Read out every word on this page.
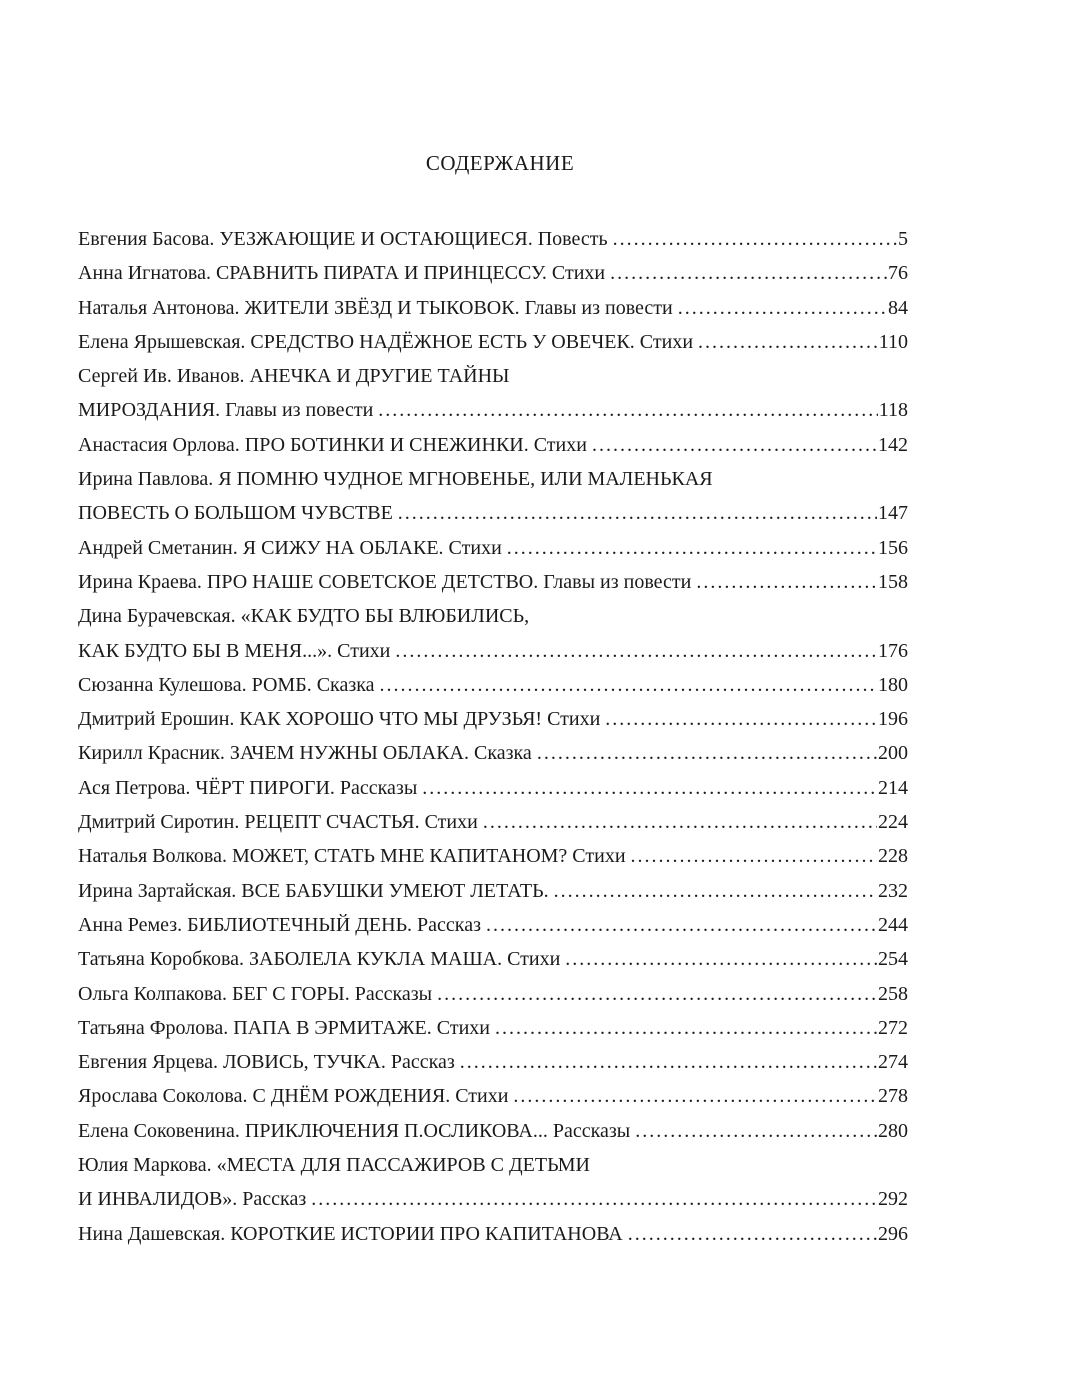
СОДЕРЖАНИЕ
Евгения Басова. УЕЗЖАЮЩИЕ И ОСТАЮЩИЕСЯ. Повесть .....	5
Анна Игнатова. СРАВНИТЬ ПИРАТА И ПРИНЦЕССУ. Стихи .....	76
Наталья Антонова. ЖИТЕЛИ ЗВЁЗД И ТЫКОВОК. Главы из повести .....	84
Елена Ярышевская. СРЕДСТВО НАДЁЖНОЕ ЕСТЬ У ОВЕЧЕК. Стихи .....	110
Сергей Ив. Иванов. АНЕЧКА И ДРУГИЕ ТАЙНЫ
МИРОЗДАНИЯ. Главы из повести .....	118
Анастасия Орлова. ПРО БОТИНКИ И СНЕЖИНКИ. Стихи .....	142
Ирина Павлова. Я ПОМНЮ ЧУДНОЕ МГНОВЕНЬЕ, ИЛИ МАЛЕНЬКАЯ
ПОВЕСТЬ О БОЛЬШОМ ЧУВСТВЕ .....	147
Андрей Сметанин. Я СИЖУ НА ОБЛАКЕ. Стихи .....	156
Ирина Краева. ПРО НАШЕ СОВЕТСКОЕ ДЕТСТВО. Главы из повести .....	158
Дина Бурачевская. «КАК БУДТО БЫ ВЛЮБИЛИСЬ,
КАК БУДТО БЫ В МЕНЯ...». Стихи .....	176
Сюзанна Кулешова. РОМБ. Сказка .....	180
Дмитрий Ерошин. КАК ХОРОШО ЧТО МЫ ДРУЗЬЯ! Стихи .....	196
Кирилл Красник. ЗАЧЕМ НУЖНЫ ОБЛАКА. Сказка .....	200
Ася Петрова. ЧЁРТ ПИРОГИ. Рассказы .....	214
Дмитрий Сиротин. РЕЦЕПТ СЧАСТЬЯ. Стихи .....	224
Наталья Волкова. МОЖЕТ, СТАТЬ МНЕ КАПИТАНОМ? Стихи .....	228
Ирина Зартайская. ВСЕ БАБУШКИ УМЕЮТ ЛЕТАТЬ. .....	232
Анна Ремез. БИБЛИОТЕЧНЫЙ ДЕНЬ. Рассказ .....	244
Татьяна Коробкова. ЗАБОЛЕЛА КУКЛА МАША. Стихи .....	254
Ольга Колпакова. БЕГ С ГОРЫ. Рассказы .....	258
Татьяна Фролова. ПАПА В ЭРМИТАЖЕ. Стихи .....	272
Евгения Ярцева. ЛОВИСЬ, ТУЧКА. Рассказ .....	274
Ярослава Соколова. С ДНЁМ РОЖДЕНИЯ. Стихи .....	278
Елена Соковенина. ПРИКЛЮЧЕНИЯ П.ОСЛИКОВА... Рассказы .....	280
Юлия Маркова. «МЕСТА ДЛЯ ПАССАЖИРОВ С ДЕТЬМИ
И ИНВАЛИДОВ». Рассказ .....	292
Нина Дашевская. КОРОТКИЕ ИСТОРИИ ПРО КАПИТАНОВА .....	296
